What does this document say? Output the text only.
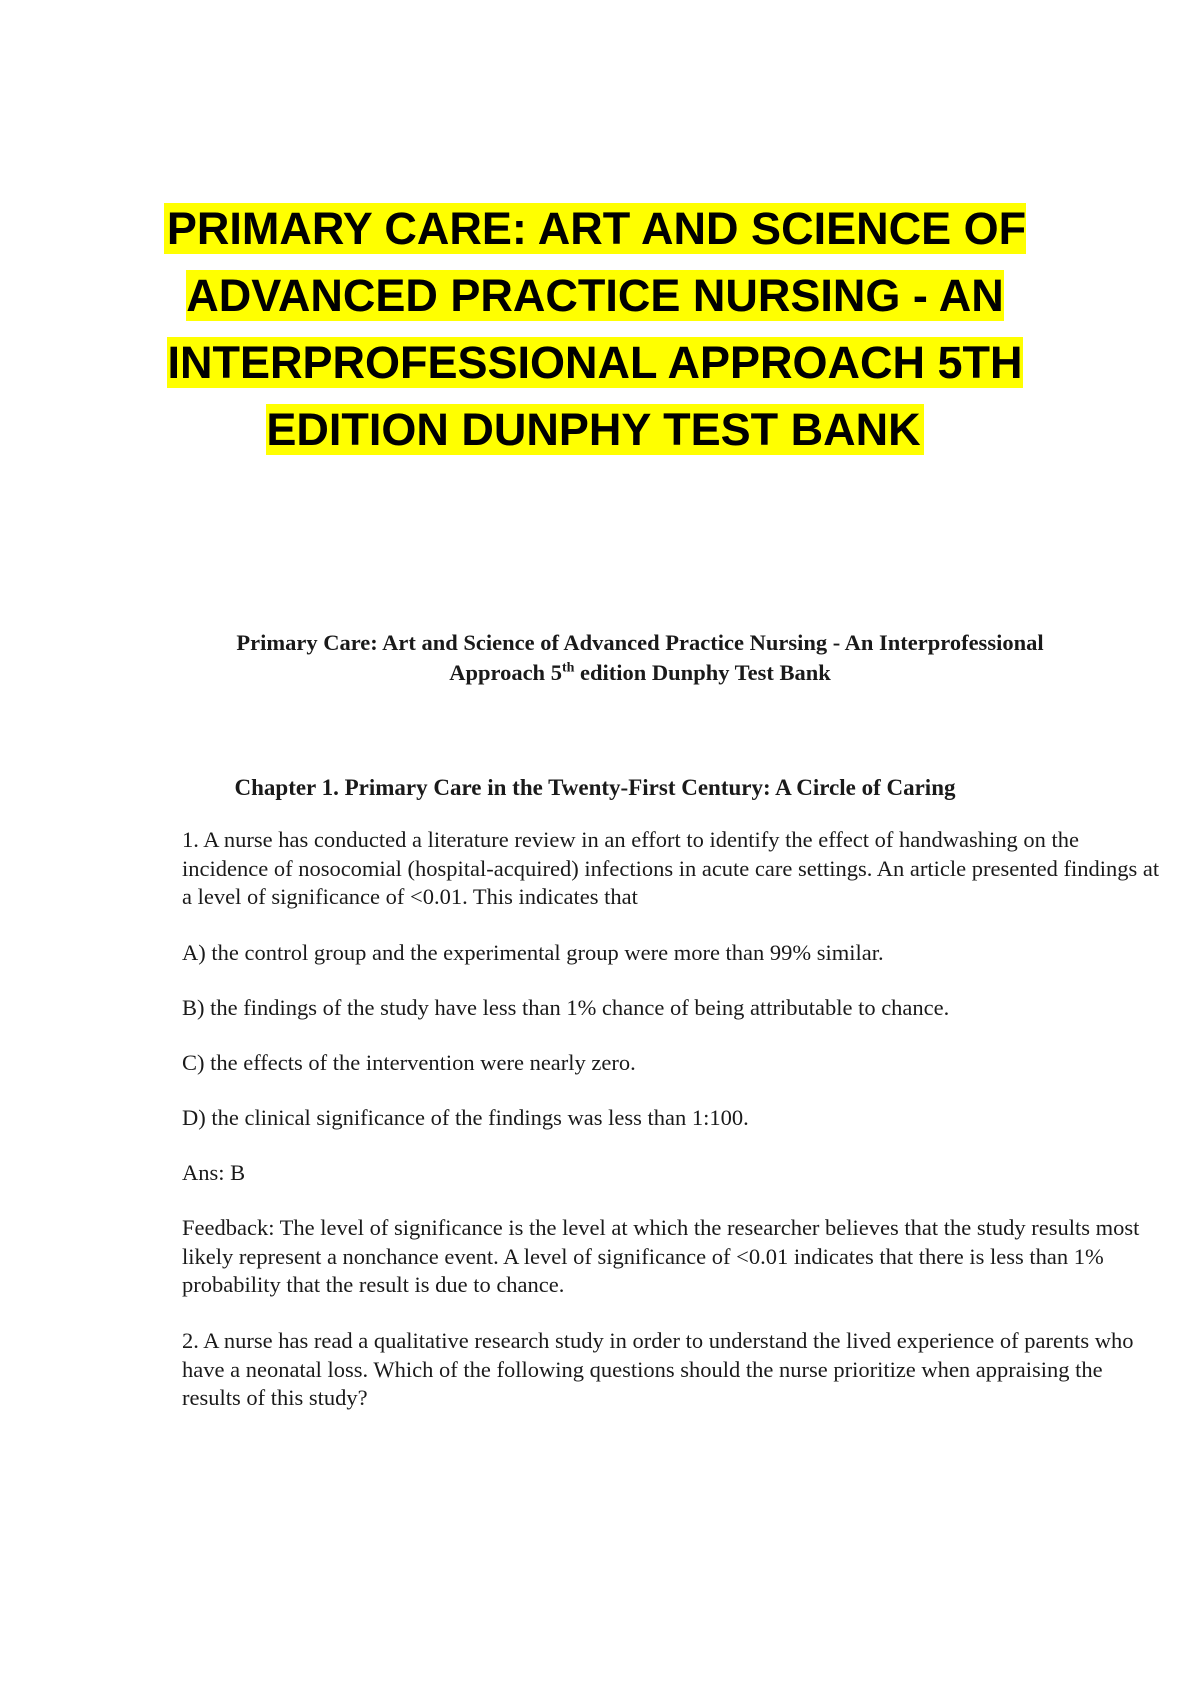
PRIMARY CARE: ART AND SCIENCE OF ADVANCED PRACTICE NURSING - AN INTERPROFESSIONAL APPROACH 5TH EDITION DUNPHY TEST BANK

Primary Care: Art and Science of Advanced Practice Nursing - An Interprofessional
Approach 5th edition Dunphy Test Bank

Chapter 1. Primary Care in the Twenty-First Century: A Circle of Caring

1. A nurse has conducted a literature review in an effort to identify the effect of handwashing on the incidence of nosocomial (hospital-acquired) infections in acute care settings. An article presented findings at a level of significance of <0.01. This indicates that

A) the control group and the experimental group were more than 99% similar.

B) the findings of the study have less than 1% chance of being attributable to chance.

C) the effects of the intervention were nearly zero.

D) the clinical significance of the findings was less than 1:100.

Ans: B

Feedback: The level of significance is the level at which the researcher believes that the study results most likely represent a nonchance event. A level of significance of <0.01 indicates that there is less than 1% probability that the result is due to chance.

2. A nurse has read a qualitative research study in order to understand the lived experience of parents who have a neonatal loss. Which of the following questions should the nurse prioritize when appraising the results of this study?
